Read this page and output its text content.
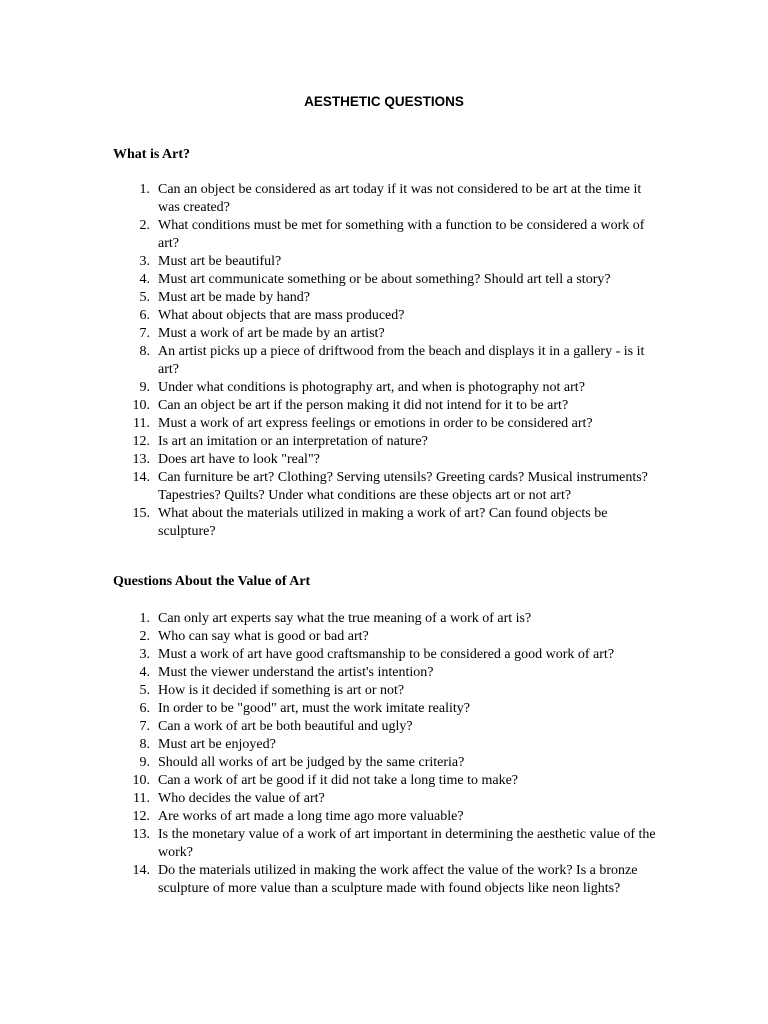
AESTHETIC QUESTIONS
What is Art?
1. Can an object be considered as art today if it was not considered to be art at the time it was created?
2. What conditions must be met for something with a function to be considered a work of art?
3. Must art be beautiful?
4. Must art communicate something or be about something? Should art tell a story?
5. Must art be made by hand?
6. What about objects that are mass produced?
7. Must a work of art be made by an artist?
8. An artist picks up a piece of driftwood from the beach and displays it in a gallery - is it art?
9. Under what conditions is photography art, and when is photography not art?
10. Can an object be art if the person making it did not intend for it to be art?
11. Must a work of art express feelings or emotions in order to be considered art?
12. Is art an imitation or an interpretation of nature?
13. Does art have to look "real"?
14. Can furniture be art? Clothing? Serving utensils? Greeting cards? Musical instruments? Tapestries? Quilts? Under what conditions are these objects art or not art?
15. What about the materials utilized in making a work of art? Can found objects be sculpture?
Questions About the Value of Art
1. Can only art experts say what the true meaning of a work of art is?
2. Who can say what is good or bad art?
3. Must a work of art have good craftsmanship to be considered a good work of art?
4. Must the viewer understand the artist's intention?
5. How is it decided if something is art or not?
6. In order to be "good" art, must the work imitate reality?
7. Can a work of art be both beautiful and ugly?
8. Must art be enjoyed?
9. Should all works of art be judged by the same criteria?
10. Can a work of art be good if it did not take a long time to make?
11. Who decides the value of art?
12. Are works of art made a long time ago more valuable?
13. Is the monetary value of a work of art important in determining the aesthetic value of the work?
14. Do the materials utilized in making the work affect the value of the work? Is a bronze sculpture of more value than a sculpture made with found objects like neon lights?
